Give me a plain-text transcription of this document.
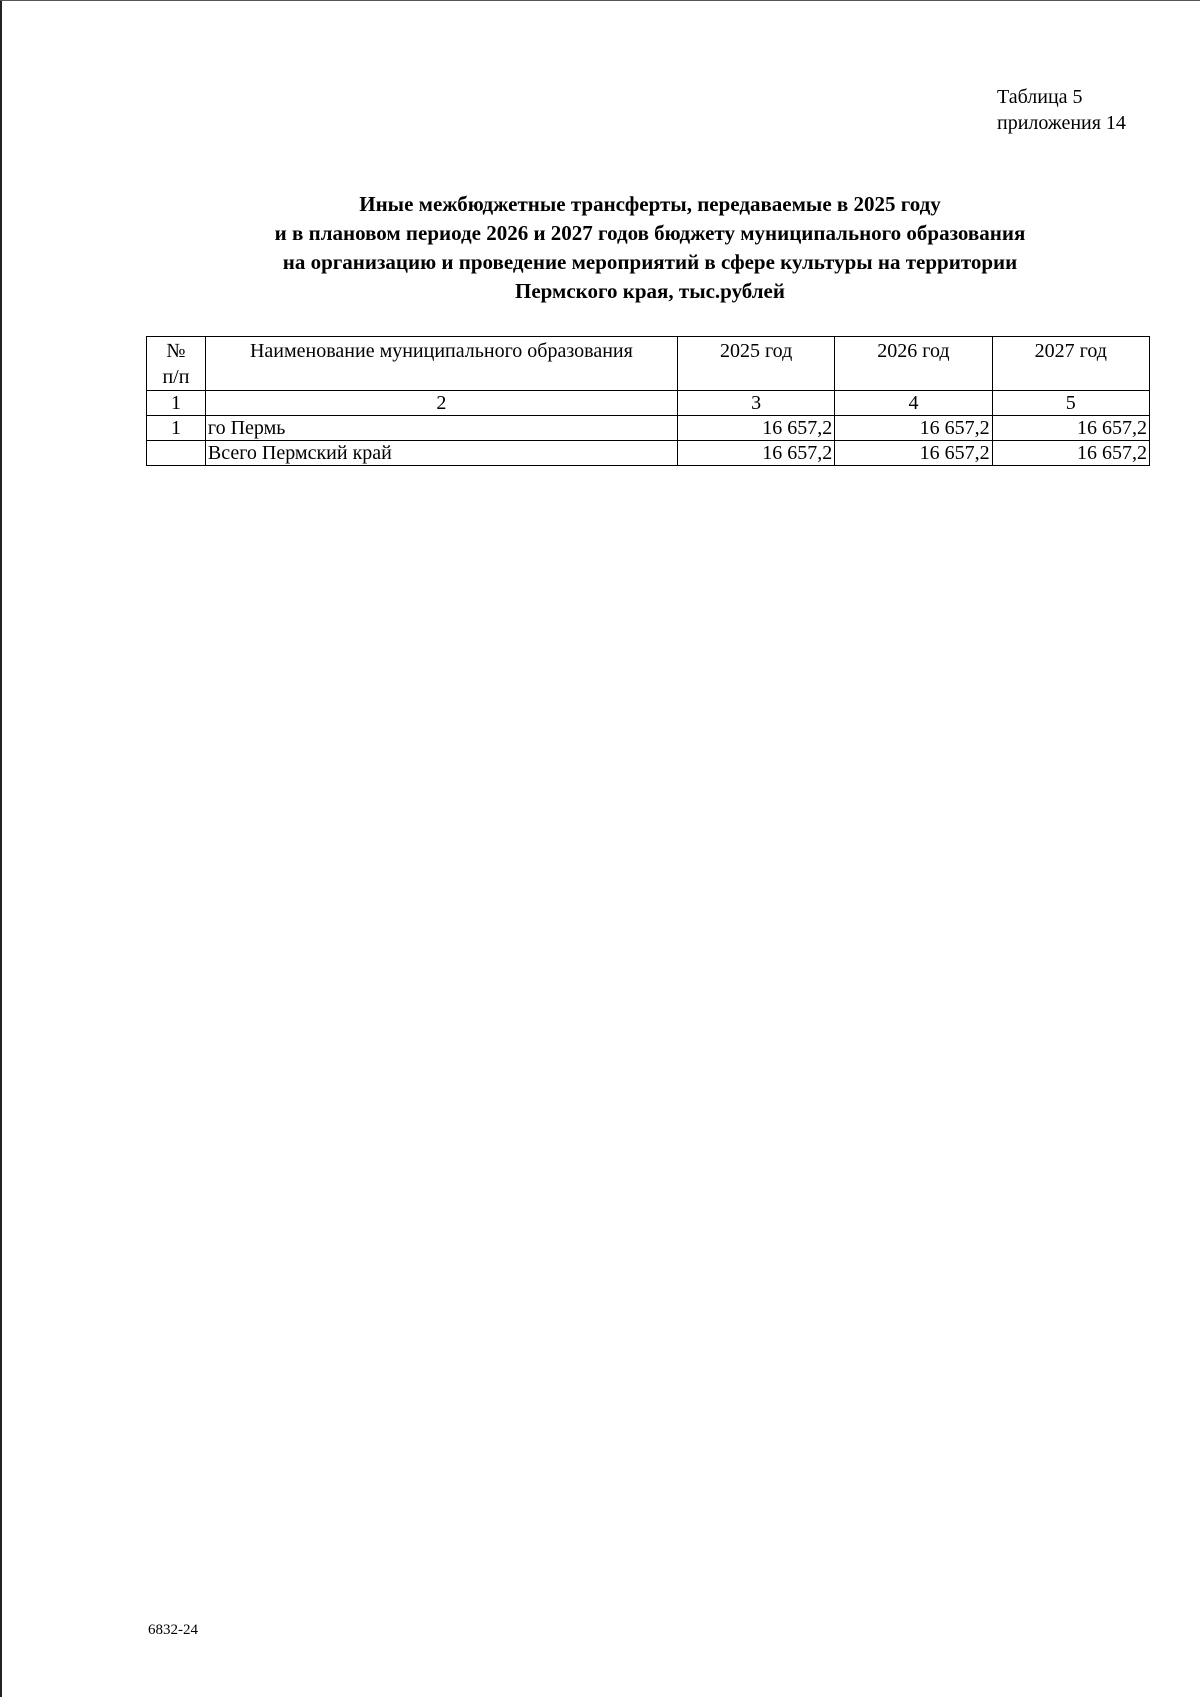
Таблица 5
приложения 14
Иные межбюджетные трансферты, передаваемые в 2025 году
и в плановом периоде 2026 и 2027 годов бюджету муниципального образования
на организацию и проведение мероприятий в сфере культуры на территории
Пермского края, тыс.рублей
№
п/п	Наименование муниципального образования	2025 год	2026 год	2027 год
1	2	3	4	5
1	го Пермь	16 657,2	16 657,2	16 657,2
	Всего Пермский край	16 657,2	16 657,2	16 657,2
6832-24
